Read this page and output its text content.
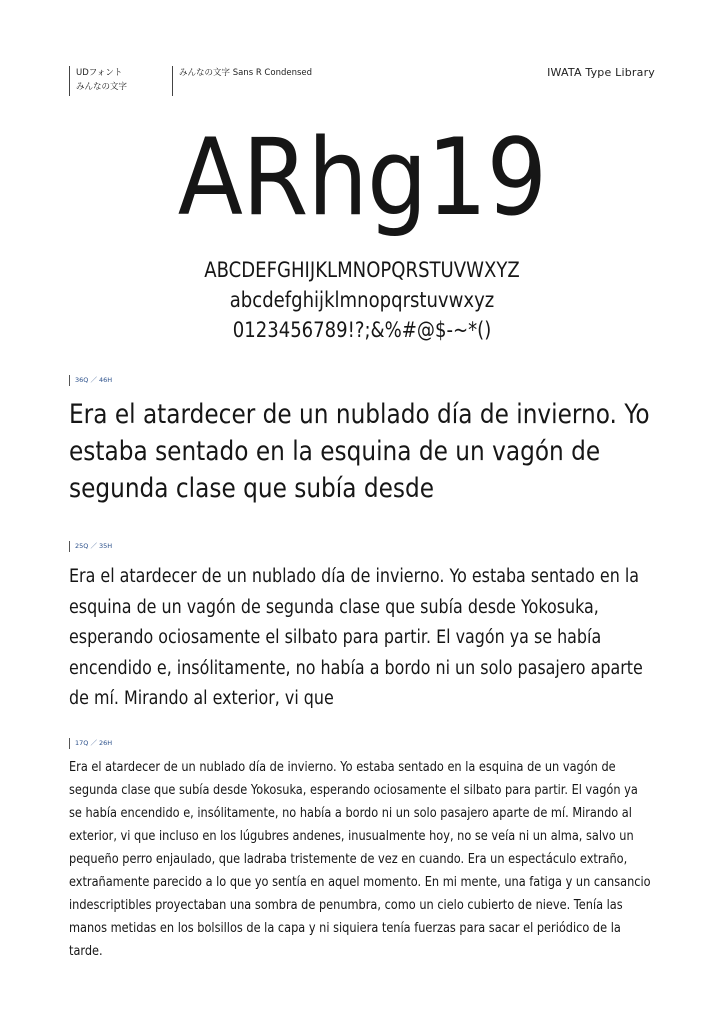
UDフォント
みんなの文字
みんなの文字 Sans R Condensed	IWATA Type Library
ARhg19
ABCDEFGHIJKLMNOPQRSTUVWXYZ
abcdefghijklmnopqrstuvwxyz
0123456789!?;&%#@$-~*()
36Q ／ 46H

Era el atardecer de un nublado día de invierno. Yo estaba sentado en la esquina de un vagón de segunda clase que subía desde

25Q ／ 35H

Era el atardecer de un nublado día de invierno. Yo estaba sentado en la esquina de un vagón de segunda clase que subía desde Yokosuka, esperando ociosamente el silbato para partir. El vagón ya se había encendido e, insólitamente, no había a bordo ni un solo pasajero aparte de mí. Mirando al exterior, vi que

17Q ／ 26H

Era el atardecer de un nublado día de invierno. Yo estaba sentado en la esquina de un vagón de segunda clase que subía desde Yokosuka, esperando ociosamente el silbato para partir. El vagón ya se había encendido e, insólitamente, no había a bordo ni un solo pasajero aparte de mí. Mirando al exterior, vi que incluso en los lúgubres andenes, inusualmente hoy, no se veía ni un alma, salvo un pequeño perro enjaulado, que ladraba tristemente de vez en cuando. Era un espectáculo extraño, extrañamente parecido a lo que yo sentía en aquel momento. En mi mente, una fatiga y un cansancio indescriptibles proyectaban una sombra de penumbra, como un cielo cubierto de nieve. Tenía las manos metidas en los bolsillos de la capa y ni siquiera tenía fuerzas para sacar el periódico de la tarde.
